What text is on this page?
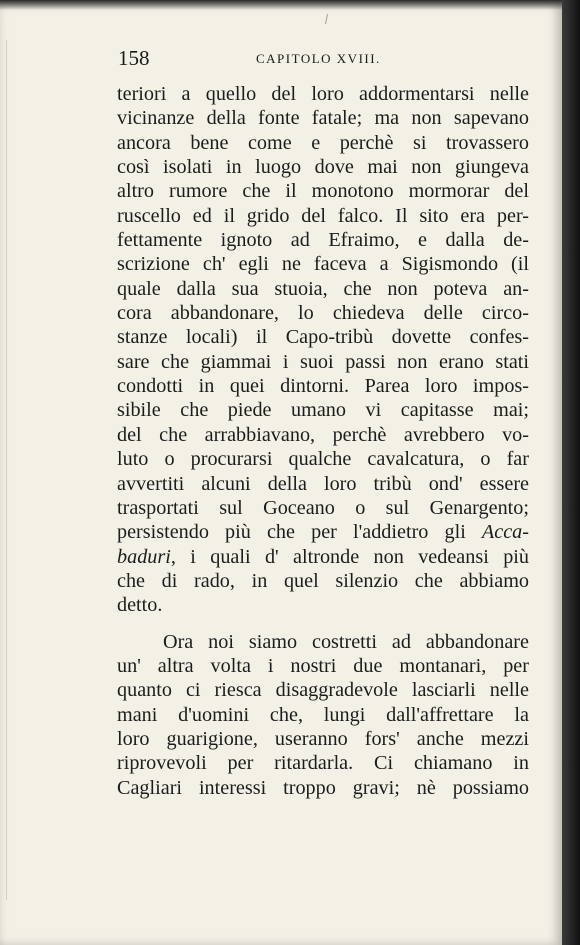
158	CAPITOLO XVIII.
teriori a quello del loro addormentarsi nelle
vicinanze della fonte fatale; ma non sapevano
ancora bene come e perchè si trovassero
così isolati in luogo dove mai non giungeva
altro rumore che il monotono mormorar del
ruscello ed il grido del falco. Il sito era per-
fettamente ignoto ad Efraimo, e dalla de-
scrizione ch' egli ne faceva a Sigismondo (il
quale dalla sua stuoia, che non poteva an-
cora abbandonare, lo chiedeva delle circo-
stanze locali) il Capo-tribù dovette confes-
sare che giammai i suoi passi non erano stati
condotti in quei dintorni. Parea loro impos-
sibile che piede umano vi capitasse mai;
del che arrabbiavano, perchè avrebbero vo-
luto o procurarsi qualche cavalcatura, o far
avvertiti alcuni della loro tribù ond' essere
trasportati sul Goceano o sul Genargento;
persistendo più che per l'addietro gli Acca-
baduri, i quali d' altronde non vedeansi più
che di rado, in quel silenzio che abbiamo
detto.
Ora noi siamo costretti ad abbandonare
un' altra volta i nostri due montanari, per
quanto ci riesca disaggradevole lasciarli nelle
mani d'uomini che, lungi dall'affrettare la
loro guarigione, useranno fors' anche mezzi
riprovevoli per ritardarla. Ci chiamano in
Cagliari interessi troppo gravi; nè possiamo
